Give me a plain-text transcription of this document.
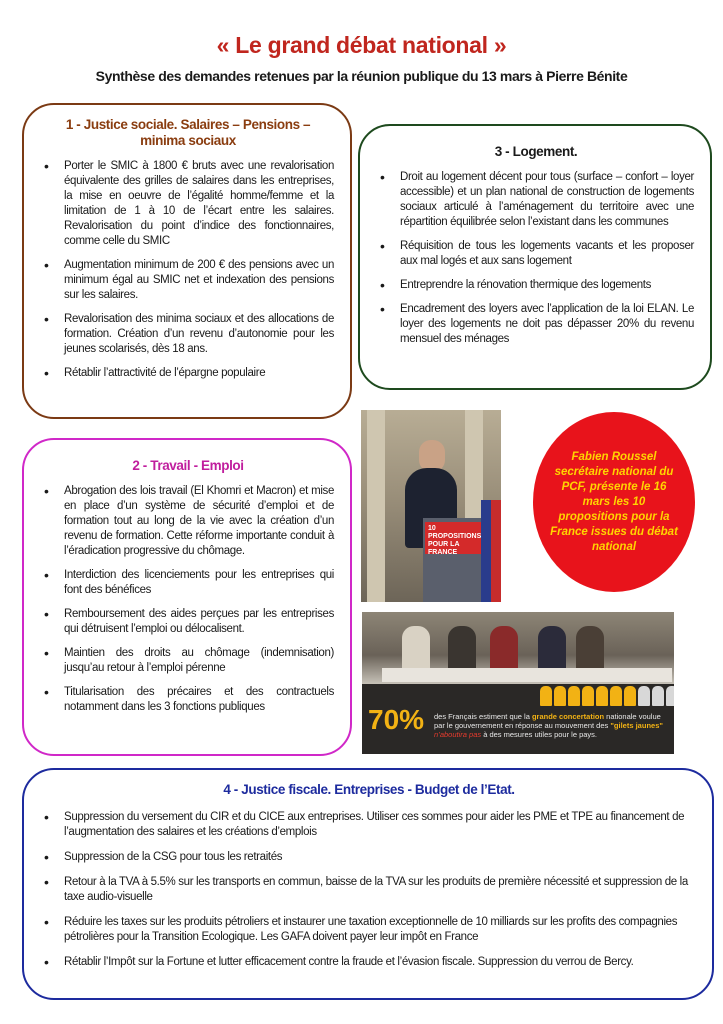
« Le grand débat national »
Synthèse des demandes retenues par la réunion publique du 13 mars à Pierre Bénite
1 - Justice sociale. Salaires – Pensions – minima sociaux
• Porter le SMIC à 1800 € bruts avec une revalorisation équivalente des grilles de salaires dans les entreprises, la mise en oeuvre de l’égalité homme/femme et la limitation de 1 à 10 de l’écart entre les salaires. Revalorisation du point d’indice des fonctionnaires, comme celle du SMIC
• Augmentation minimum de 200 € des pensions avec un minimum égal au SMIC net et indexation des pensions sur les salaires.
• Revalorisation des minima sociaux et des allocations de formation. Création d’un revenu d’autonomie pour les jeunes scolarisés, dès 18 ans.
• Rétablir l’attractivité de l’épargne populaire
3 - Logement.
• Droit au logement décent pour tous (surface – confort – loyer accessible) et un plan national de construction de logements sociaux articulé à l’aménagement du territoire avec une répartition équilibrée selon l’existant dans les communes
• Réquisition de tous les logements vacants et les proposer aux mal logés et aux sans logement
• Entreprendre la rénovation thermique des logements
• Encadrement des loyers avec l’application de la loi ELAN. Le loyer des logements ne doit pas dépasser 20% du revenu mensuel des ménages
2 - Travail - Emploi
• Abrogation des lois travail (El Khomri et Macron) et mise en place d’un système de sécurité d’emploi et de formation tout au long de la vie avec la création d’un revenu de formation. Cette réforme importante conduit à l’éradication progressive du chômage.
• Interdiction des licenciements pour les entreprises qui font des bénéfices
• Remboursement des aides perçues par les entreprises qui détruisent l’emploi ou délocalisent.
• Maintien des droits au chômage (indemnisation) jusqu’au retour à l’emploi pérenne
• Titularisation des précaires et des contractuels notamment dans les 3 fonctions publiques
10 PROPOSITIONS POUR LA FRANCE

Fabien Roussel secrétaire national du PCF, présente le 16 mars les 10 propositions pour la France issues du débat national

70% des Français estiment que la grande concertation nationale voulue par le gouvernement en réponse au mouvement des "gilets jaunes" n’aboutira pas à des mesures utiles pour le pays.
4 - Justice fiscale. Entreprises - Budget de l’Etat.
• Suppression du versement du CIR et du CICE aux entreprises. Utiliser ces sommes pour aider les PME et TPE au financement de l’augmentation des salaires et les créations d’emplois
• Suppression de la CSG pour tous les retraités
• Retour à la TVA à 5.5% sur les transports en commun, baisse de la TVA sur les produits de première nécessité et suppression de la taxe audio-visuelle
• Réduire les taxes sur les produits pétroliers et instaurer une taxation exceptionnelle de 10 milliards sur les profits des compagnies pétrolières pour la Transition Ecologique. Les GAFA doivent payer leur impôt en France
• Rétablir l’Impôt sur la Fortune et lutter efficacement contre la fraude et l’évasion fiscale. Suppression du verrou de Bercy.
